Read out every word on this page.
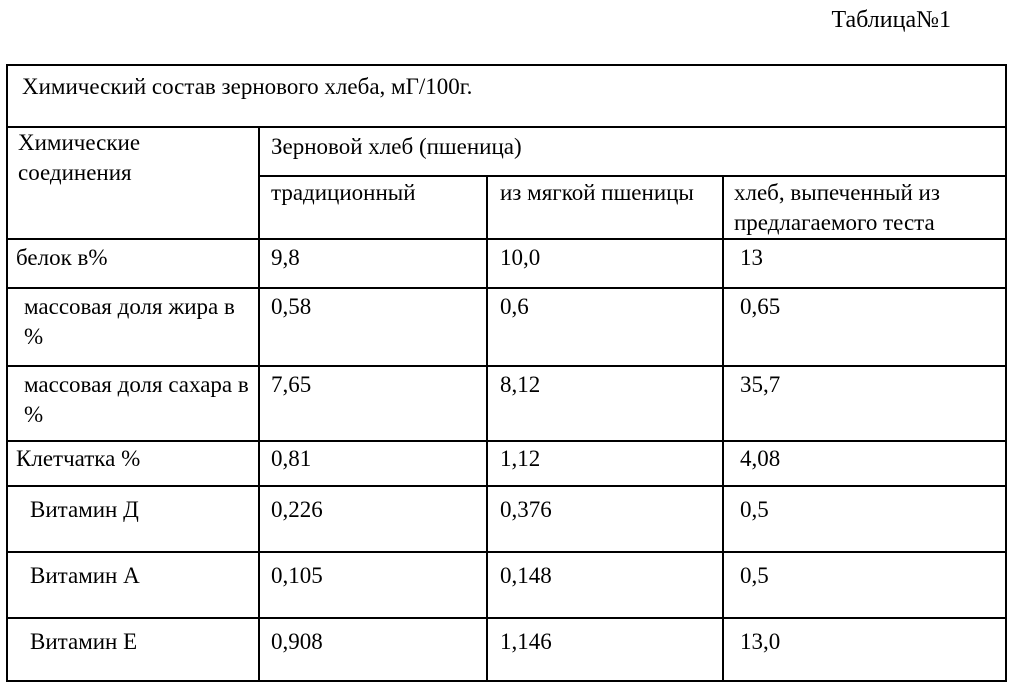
Таблица№1
Химический состав зернового хлеба, мГ/100г.			
Химические соединения	Зерновой хлеб (пшеница)		
	традиционный	из мягкой пшеницы	хлеб, выпеченный из предлагаемого теста
белок в%	9,8	10,0	13
массовая доля жира в %	0,58	0,6	0,65
массовая доля сахара в %	7,65	8,12	35,7
Клетчатка %	0,81	1,12	4,08
Витамин Д	0,226	0,376	0,5
Витамин А	0,105	0,148	0,5
Витамин Е	0,908	1,146	13,0
